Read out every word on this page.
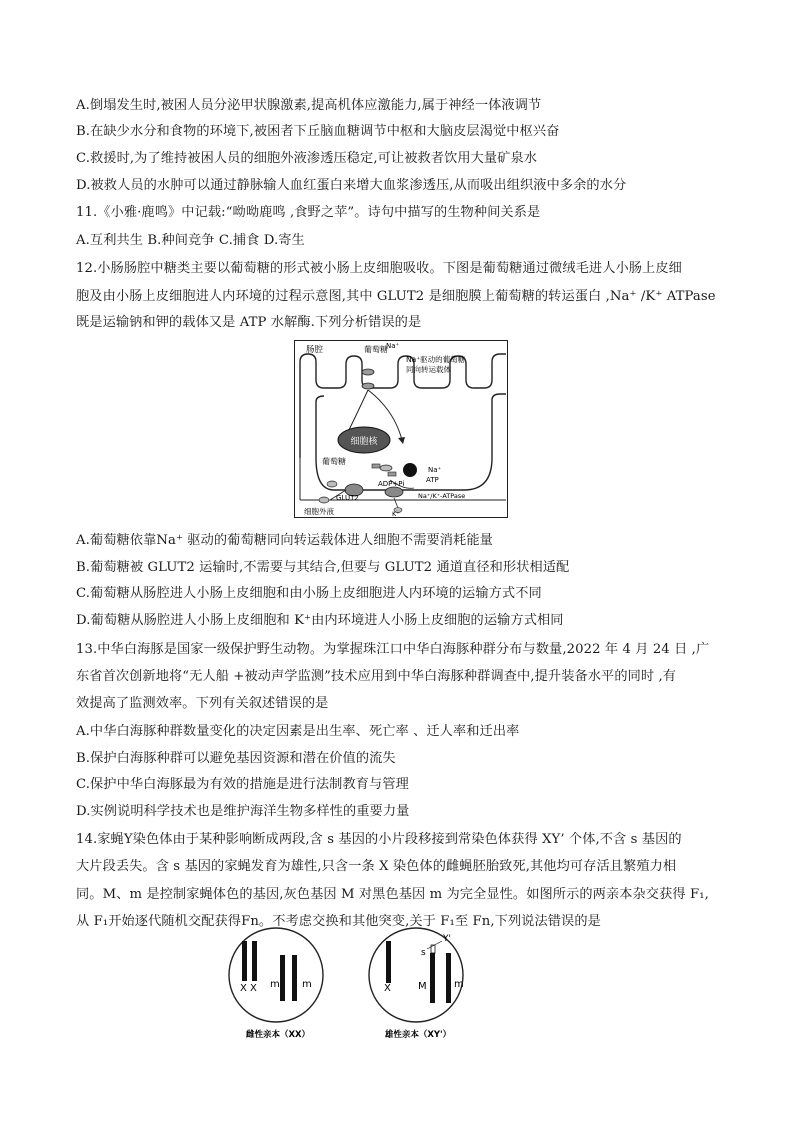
A.倒塌发生时,被困人员分泌甲状腺激素,提高机体应激能力,属于神经一体液调节
B.在缺少水分和食物的环境下,被困者下丘脑血糖调节中枢和大脑皮层渴觉中枢兴奋
C.救援时,为了维持被困人员的细胞外液渗透压稳定,可让被救者饮用大量矿泉水
D.被救人员的水肿可以通过静脉输人血红蛋白来增大血浆渗透压,从而吸出组织液中多余的水分
11.《小雅·鹿鸣》中记载:“呦呦鹿鸣 ,食野之苹”。诗句中描写的生物种间关系是
A.互利共生 B.种间竞争 C.捕食 D.寄生
12.小肠肠腔中糖类主要以葡萄糖的形式被小肠上皮细胞吸收。下图是葡萄糖通过微绒毛进人小肠上皮细
胞及由小肠上皮细胞进人内环境的过程示意图,其中 GLUT2 是细胞膜上葡萄糖的转运蛋白 ,Na⁺ /K⁺ ATPase
既是运输钠和钾的载体又是 ATP 水解酶.下列分析错误的是
细胞核
肠腔	葡萄糖
Na⁺
Na⁺驱动的葡萄糖
同向转运载体
葡萄糖
Na⁺
ATP
ADP+Pi
GLUT2	Na⁺/K⁺-ATPase
K⁺
细胞外液
A.葡萄糖依靠Na⁺ 驱动的葡萄糖同向转运载体进人细胞不需要消耗能量
B.葡萄糖被 GLUT2 运输时,不需要与其结合,但要与 GLUT2 通道直径和形状相适配
C.葡萄糖从肠腔进人小肠上皮细胞和由小肠上皮细胞进人内环境的运输方式不同
D.葡萄糖从肠腔进人小肠上皮细胞和 K⁺由内环境进人小肠上皮细胞的运输方式相同
13.中华白海豚是国家一级保护野生动物。为掌握珠江口中华白海豚种群分布与数量,2022 年 4 月 24 日 ,广
东省首次创新地将“无人船 +被动声学监测”技术应用到中华白海豚种群调查中,提升装备水平的同时 ,有
效提高了监测效率。下列有关叙述错误的是
A.中华白海豚种群数量变化的决定因素是出生率、死亡率 、迁人率和迁出率
B.保护白海豚种群可以避免基因资源和潜在价值的流失
C.保护中华白海豚最为有效的措施是进行法制教育与管理
D.实例说明科学技术也是维护海洋生物多样性的重要力量
14.家蝇Y染色体由于某种影响断成两段,含 s 基因的小片段移接到常染色体获得 XY’ 个体,不含 s 基因的
大片段丢失。含 s 基因的家蝇发育为雄性,只含一条 X 染色体的雌蝇胚胎致死,其他均可存活且繁殖力相
同。M、m 是控制家蝇体色的基因,灰色基因 M 对黑色基因 m 为完全显性。如图所示的两亲本杂交获得 F₁,
从 F₁开始逐代随机交配获得Fn。不考虑交换和其他突变,关于 F₁至 Fn,下列说法错误的是
X X m m
雌性亲本（XX）
X
s
Y'
M	m
雄性亲本（XY'）
